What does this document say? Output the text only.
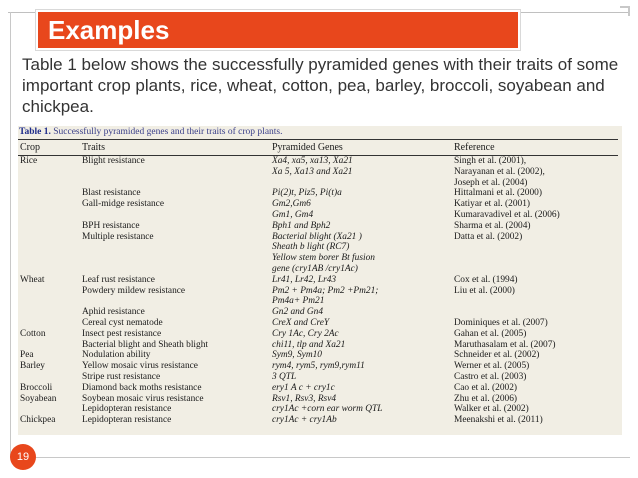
Examples
Table 1 below shows the successfully pyramided genes with their traits of some important crop plants, rice, wheat, cotton, pea, barley, broccoli, soyabean and chickpea.
Table 1. Successfully pyramided genes and their traits of crop plants.
Crop	Traits	Pyramided Genes	Reference
Rice	Blight resistance	Xa4, xa5, xa13, Xa21	Singh et al. (2001),
		Xa 5, Xa13 and Xa21	Narayanan et al. (2002),
			Joseph et al. (2004)
	Blast resistance	Pi(2)t, Piz5, Pi(t)a	Hittalmani et al. (2000)
	Gall-midge resistance	Gm2,Gm6	Katiyar et al. (2001)
		Gm1, Gm4	Kumaravadivel et al. (2006)
	BPH resistance	Bph1 and Bph2	Sharma et al. (2004)
	Multiple resistance	Bacterial blight (Xa21 )	Datta et al. (2002)
		Sheath b light (RC7)	
		Yellow stem borer Bt fusion	
		gene (cry1AB /cry1Ac)	
Wheat	Leaf rust resistance	Lr41, Lr42, Lr43	Cox et al. (1994)
	Powdery mildew resistance	Pm2 + Pm4a; Pm2 +Pm21;	Liu et al. (2000)
		Pm4a+ Pm21	
	Aphid resistance	Gn2 and Gn4	
	Cereal cyst nematode	CreX and CreY	Dominiques et al. (2007)
Cotton	Insect pest resistance	Cry 1Ac, Cry 2Ac	Gahan et al. (2005)
	Bacterial blight and Sheath blight	chi11, tlp and Xa21	Maruthasalam et al. (2007)
Pea	Nodulation ability	Sym9, Sym10	Schneider et al. (2002)
Barley	Yellow mosaic virus resistance	rym4, rym5, rym9,rym11	Werner et al. (2005)
	Stripe rust resistance	3 QTL	Castro et al. (2003)
Broccoli	Diamond back moths resistance	ery1 A c + cry1c	Cao et al. (2002)
Soyabean	Soybean mosaic virus resistance	Rsv1, Rsv3, Rsv4	Zhu et al. (2006)
	Lepidopteran resistance	cry1Ac +corn ear worm QTL	Walker et al. (2002)
Chickpea	Lepidopteran resistance	cry1Ac + cry1Ab	Meenakshi et al. (2011)
19
